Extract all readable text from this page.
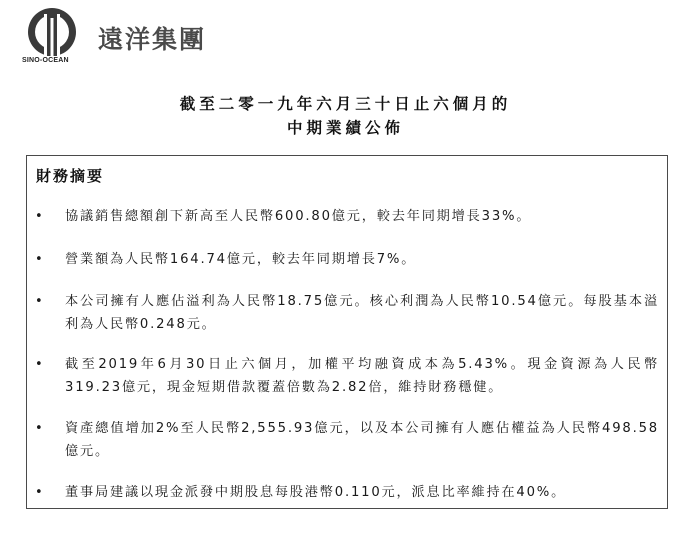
SINO-OCEAN
遠洋集團
截至二零一九年六月三十日止六個月的
中期業績公佈
財務摘要
• 協議銷售總額創下新高至人民幣600.80億元，較去年同期增長33%。
• 營業額為人民幣164.74億元，較去年同期增長7%。
• 本公司擁有人應佔溢利為人民幣18.75億元。核心利潤為人民幣10.54億元。每股基本溢利為人民幣0.248元。
• 截至2019年6月30日止六個月，加權平均融資成本為5.43%。現金資源為人民幣319.23億元，現金短期借款覆蓋倍數為2.82倍，維持財務穩健。
• 資產總值增加2%至人民幣2,555.93億元，以及本公司擁有人應佔權益為人民幣498.58億元。
• 董事局建議以現金派發中期股息每股港幣0.110元，派息比率維持在40%。
